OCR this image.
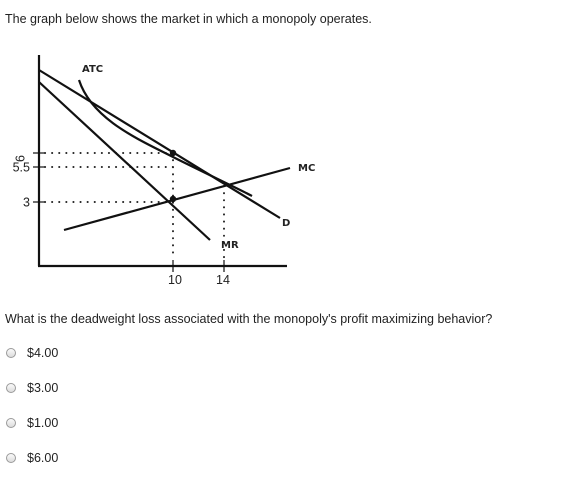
The graph below shows the market in which a monopoly operates.
6
5.5
3
10	14
ATC
MC
MR
D
What is the deadweight loss associated with the monopoly's profit maximizing behavior?
$4.00
$3.00
$1.00
$6.00
